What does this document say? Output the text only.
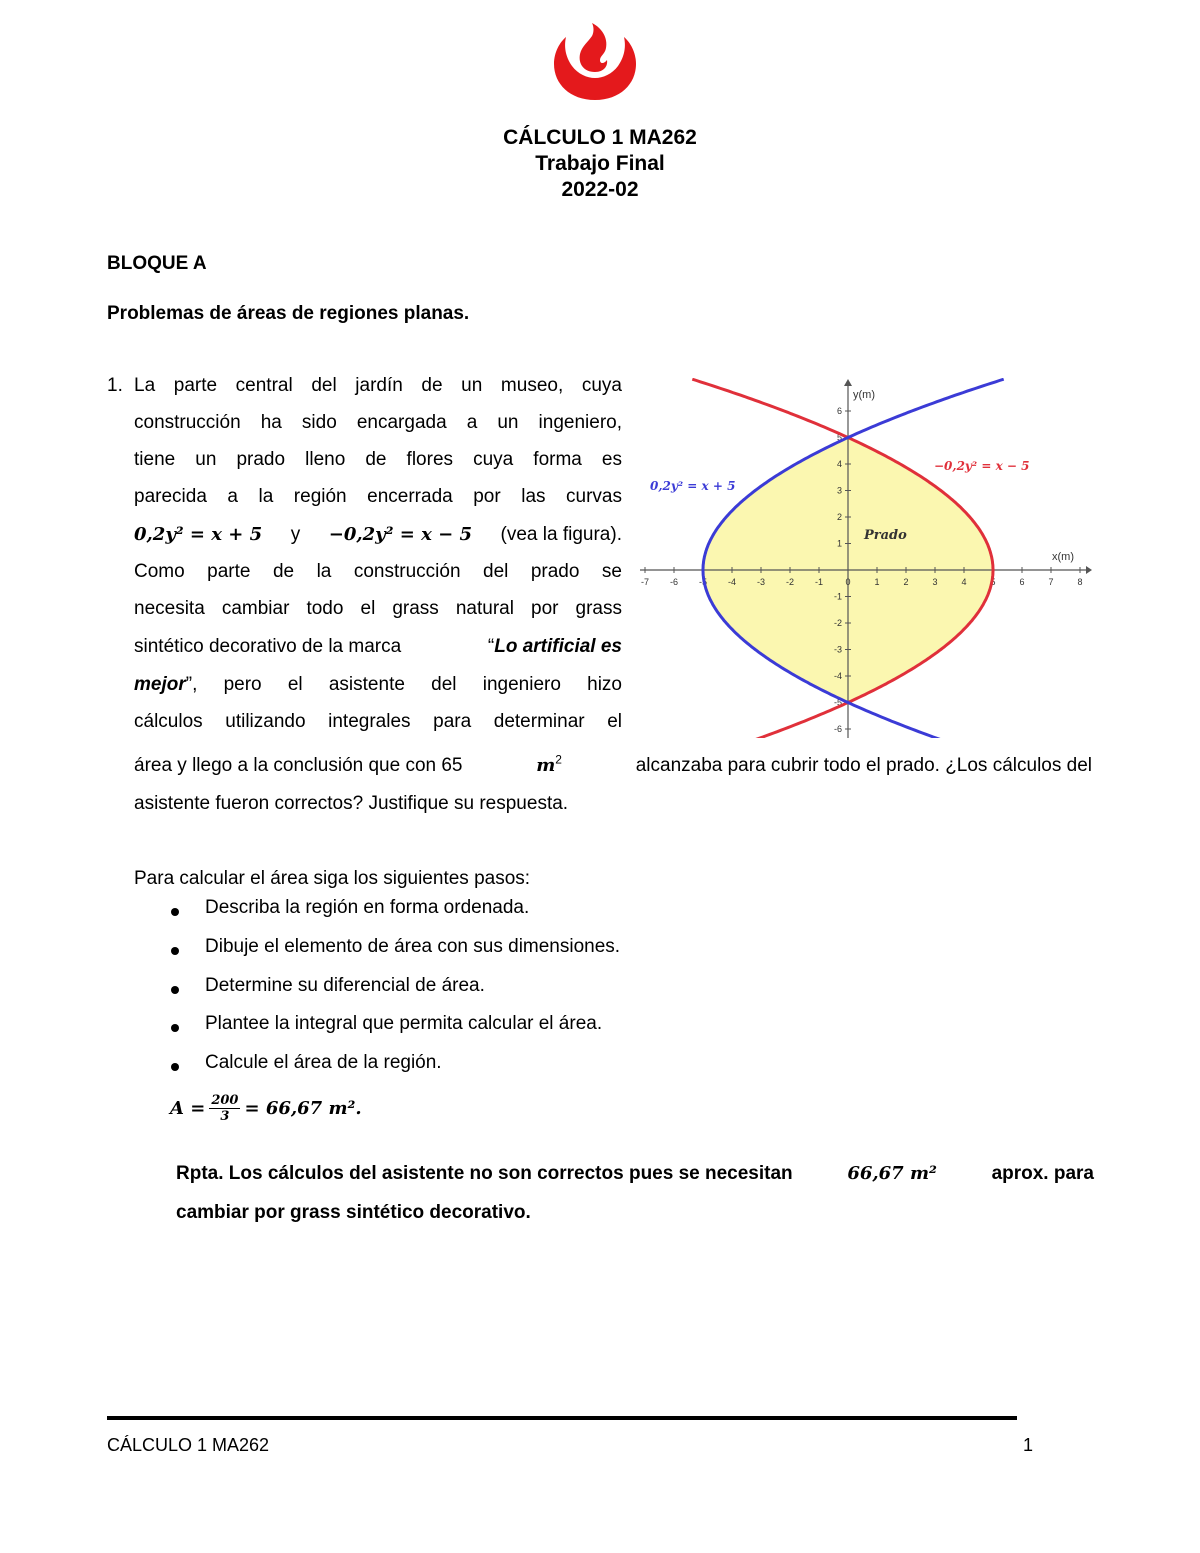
CÁLCULO 1 MA262
Trabajo Final
2022-02
BLOQUE A
Problemas de áreas de regiones planas.
1. La parte central del jardín de un museo, cuya
construcción ha sido encargada a un ingeniero,
tiene un prado lleno de flores cuya forma es
parecida a la región encerrada por las curvas
0,2y² = x + 5 y −0,2y² = x − 5 (vea la figura).
Como parte de la construcción del prado se
necesita cambiar todo el grass natural por grass
sintético decorativo de la marca	“Lo artificial es
mejor” , pero el asistente del ingeniero hizo
cálculos utilizando integrales para determinar el
área y llego a la conclusión que con 65	$m^2$	alcanzaba para cubrir todo el prado. ¿Los cálculos del
asistente fueron correctos? Justifique su respuesta.
-7 -6 -5 -4 -3 -2 -1 0	1	2	3	4	5	6	7	8
-6
-5
-4
-3
-2
-1
1
2
3
4
5
6
x(m)
y(m)
0,2y² = x + 5
−0,2y² = x − 5
Prado
Para calcular el área siga los siguientes pasos:
Describa la región en forma ordenada.
Dibuje el elemento de área con sus dimensiones.
Determine su diferencial de área.
Plantee la integral que permita calcular el área.
Calcule el área de la región.
$A = \frac{200}{3} = 66,67$ m².
Rpta. Los cálculos del asistente no son correctos pues se necesitan	66,67 m²	aprox. para
cambiar por grass sintético decorativo.
CÁLCULO 1 MA262	1
